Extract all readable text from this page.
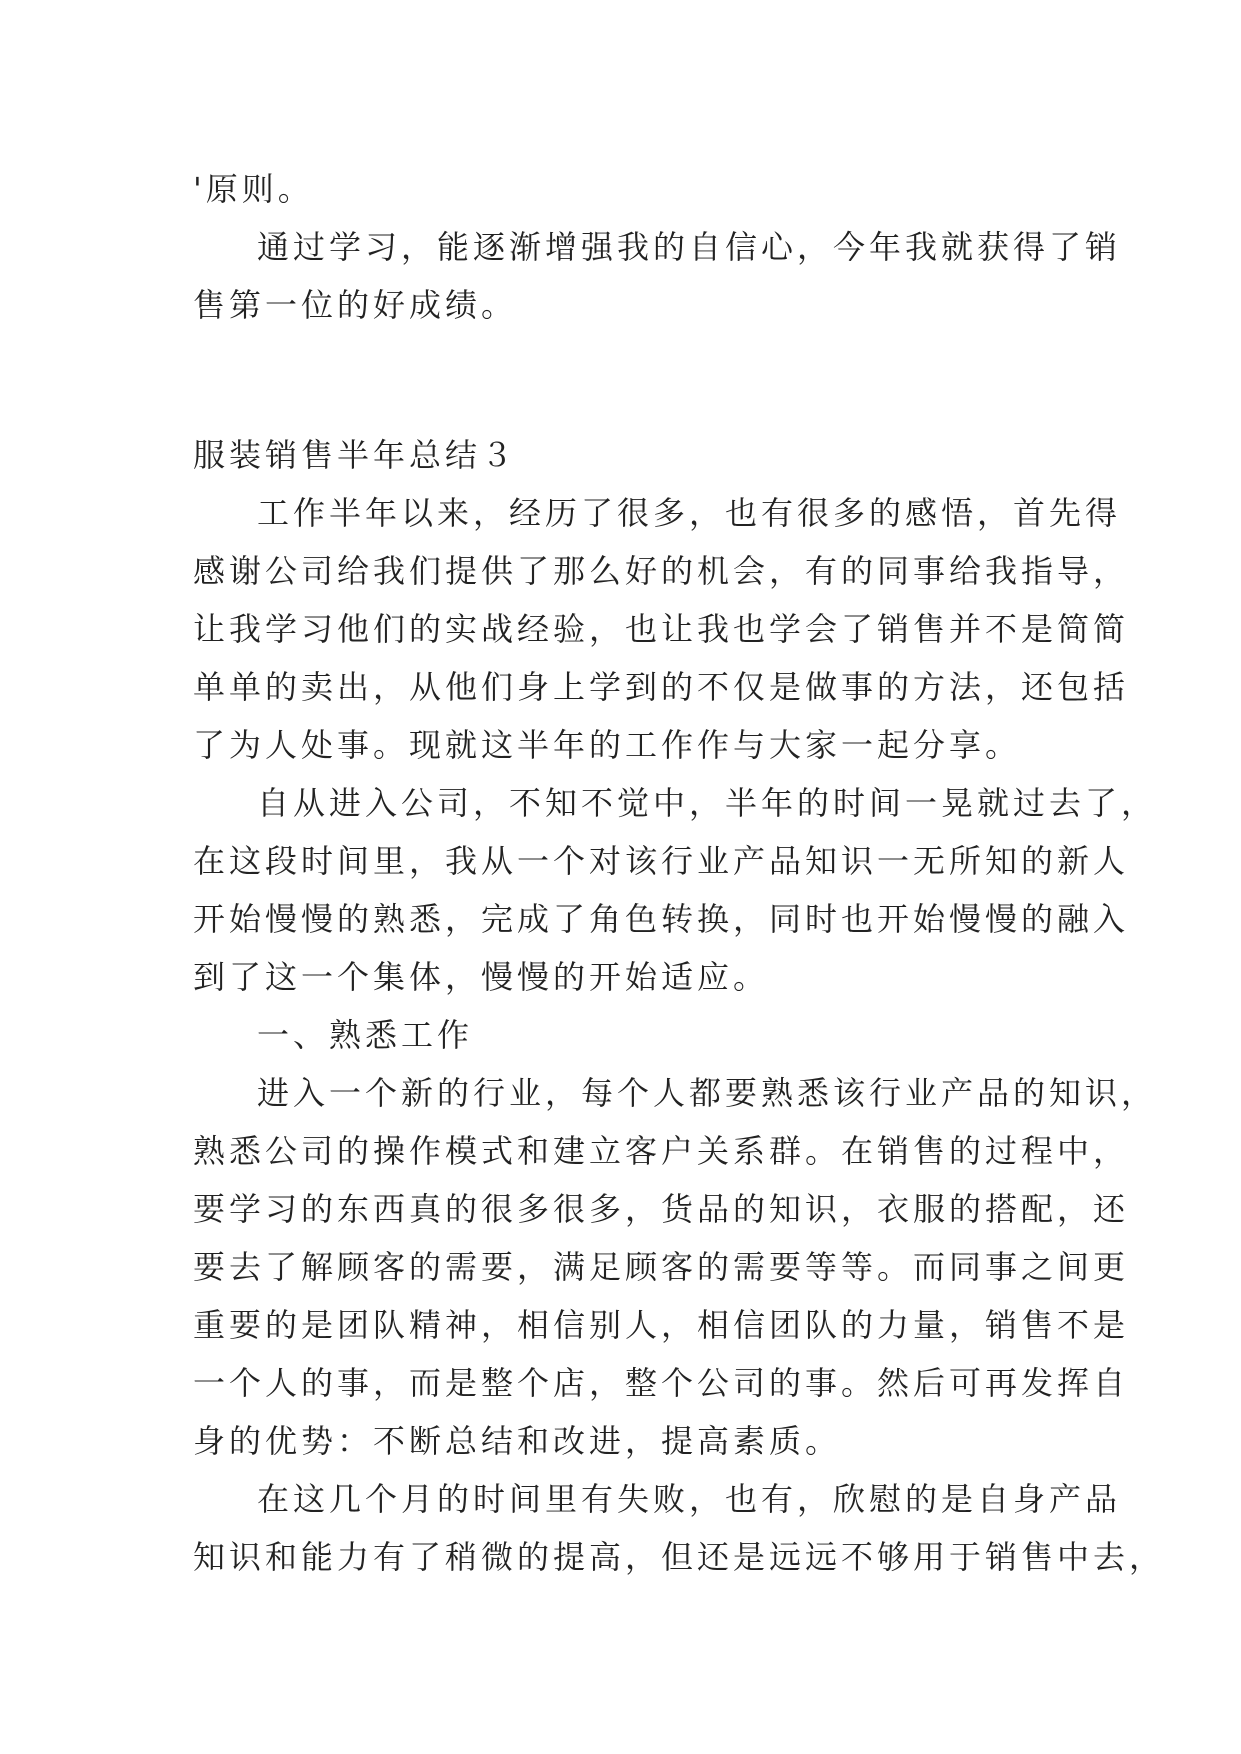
'原则。
通过学习，能逐渐增强我的自信心，今年我就获得了销
售第一位的好成绩。
服装销售半年总结３
工作半年以来，经历了很多，也有很多的感悟，首先得
感谢公司给我们提供了那么好的机会，有的同事给我指导，
让我学习他们的实战经验，也让我也学会了销售并不是简简
单单的卖出，从他们身上学到的不仅是做事的方法，还包括
了为人处事。现就这半年的工作作与大家一起分享。
自从进入公司，不知不觉中，半年的时间一晃就过去了，
在这段时间里，我从一个对该行业产品知识一无所知的新人
开始慢慢的熟悉，完成了角色转换，同时也开始慢慢的融入
到了这一个集体，慢慢的开始适应。
一、熟悉工作
进入一个新的行业，每个人都要熟悉该行业产品的知识，
熟悉公司的操作模式和建立客户关系群。在销售的过程中，
要学习的东西真的很多很多，货品的知识，衣服的搭配，还
要去了解顾客的需要，满足顾客的需要等等。而同事之间更
重要的是团队精神，相信别人，相信团队的力量，销售不是
一个人的事，而是整个店，整个公司的事。然后可再发挥自
身的优势：不断总结和改进，提高素质。
在这几个月的时间里有失败，也有，欣慰的是自身产品
知识和能力有了稍微的提高，但还是远远不够用于销售中去，
